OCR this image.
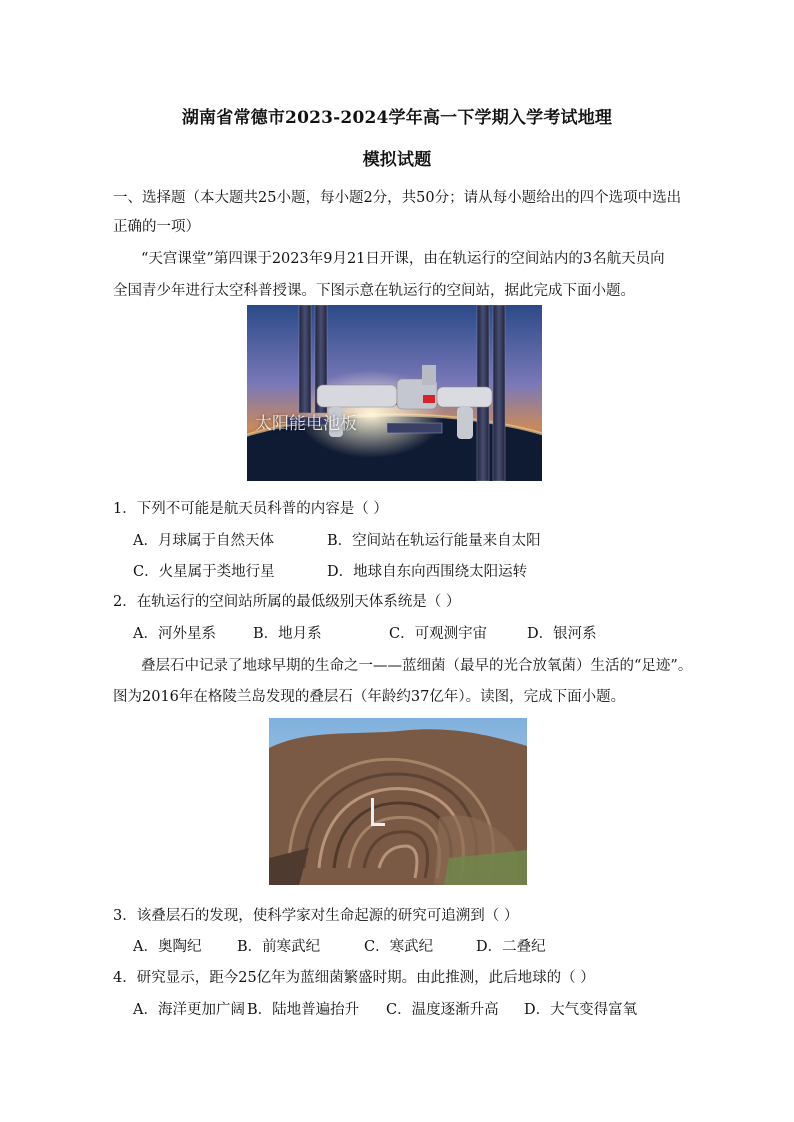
湖南省常德市2023-2024学年高一下学期入学考试地理
模拟试题
一、选择题（本大题共25小题，每小题2分，共50分；请从每小题给出的四个选项中选出
正确的一项）
“天宫课堂”第四课于2023年9月21日开课，由在轨运行的空间站内的3名航天员向
全国青少年进行太空科普授课。下图示意在轨运行的空间站，据此完成下面小题。
太阳能电池板
1．下列不可能是航天员科普的内容是（ ）
A．月球属于自然天体	B．空间站在轨运行能量来自太阳
C．火星属于类地行星	D．地球自东向西围绕太阳运转
2．在轨运行的空间站所属的最低级别天体系统是（ ）
A．河外星系	B．地月系	C．可观测宇宙	D．银河系
叠层石中记录了地球早期的生命之一——蓝细菌（最早的光合放氧菌）生活的“足迹”。
图为2016年在格陵兰岛发现的叠层石（年龄约37亿年）。读图，完成下面小题。
3．该叠层石的发现，使科学家对生命起源的研究可追溯到（ ）
A．奥陶纪 B．前寒武纪	C．寒武纪	D．二叠纪
4．研究显示，距今25亿年为蓝细菌繁盛时期。由此推测，此后地球的（ ）
A．海洋更加广阔 B．陆地普遍抬升 C．温度逐渐升高 D．大气变得富氧
